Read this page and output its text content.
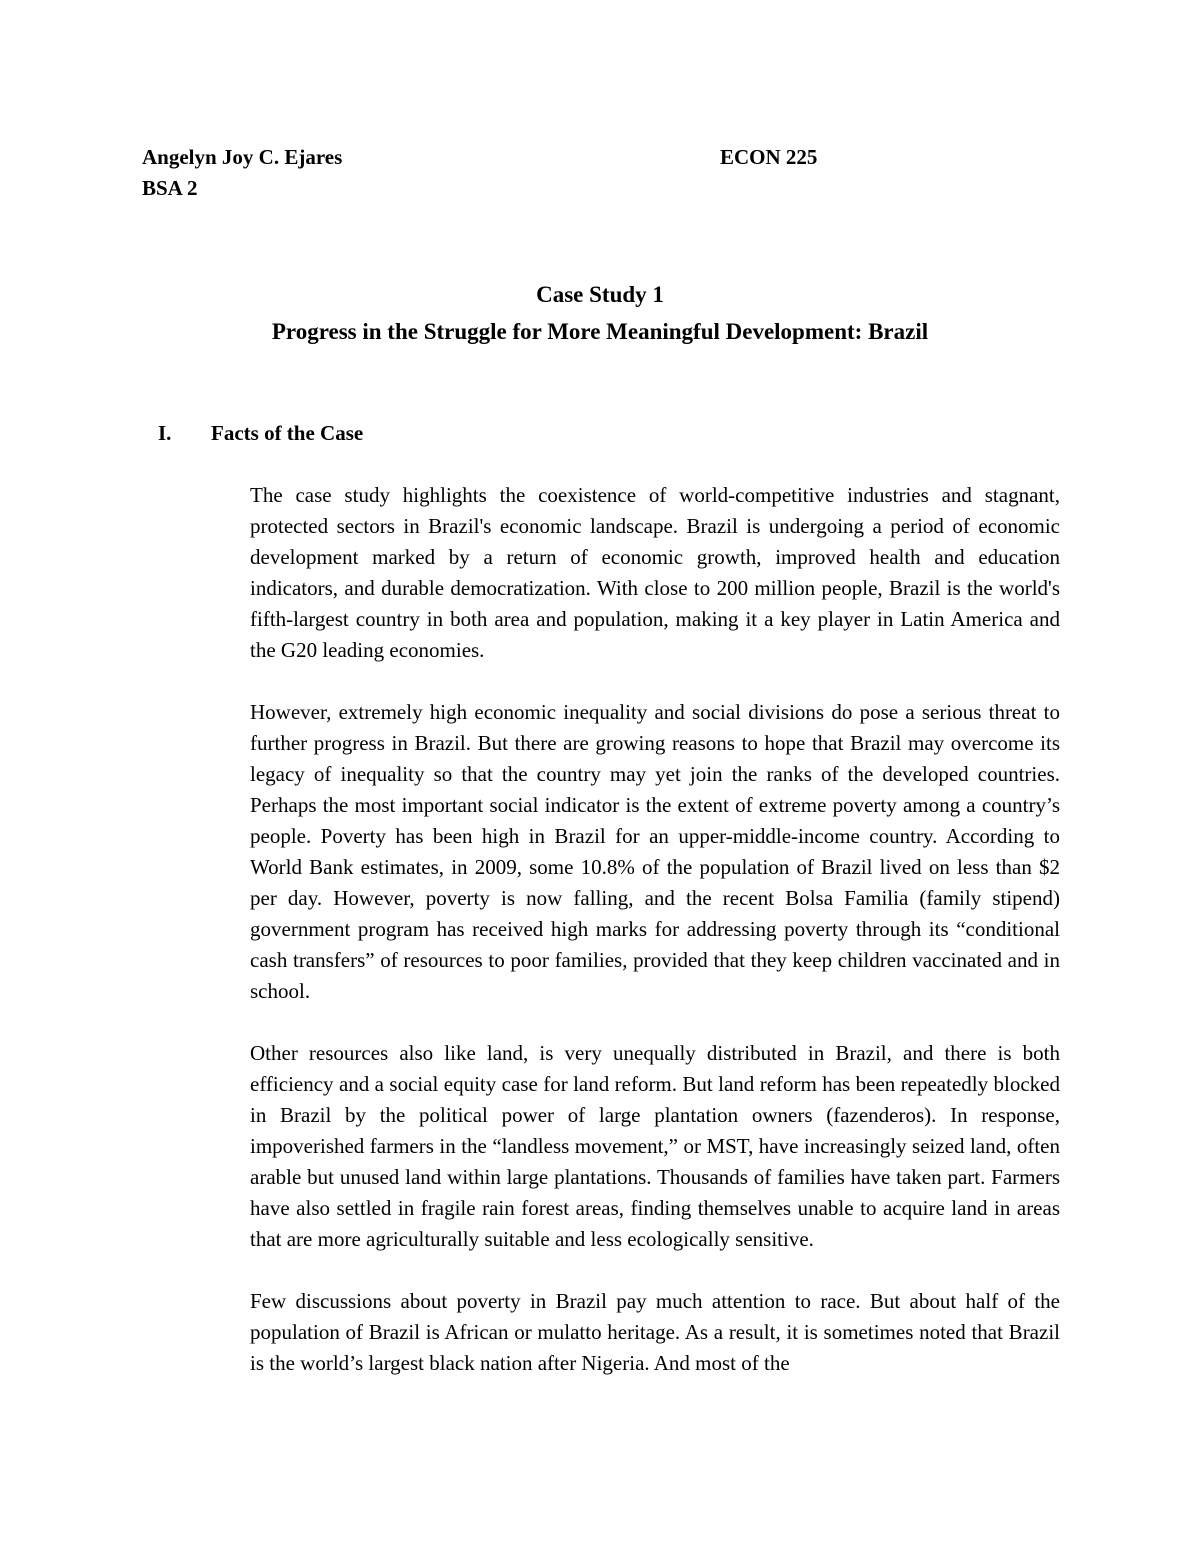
Angelyn Joy C. Ejares	ECON 225
BSA 2
Case Study 1
Progress in the Struggle for More Meaningful Development: Brazil
I. Facts of the Case

The case study highlights the coexistence of world-competitive industries and stagnant, protected sectors in Brazil's economic landscape. Brazil is undergoing a period of economic development marked by a return of economic growth, improved health and education indicators, and durable democratization. With close to 200 million people, Brazil is the world's fifth-largest country in both area and population, making it a key player in Latin America and the G20 leading economies.

However, extremely high economic inequality and social divisions do pose a serious threat to further progress in Brazil. But there are growing reasons to hope that Brazil may overcome its legacy of inequality so that the country may yet join the ranks of the developed countries. Perhaps the most important social indicator is the extent of extreme poverty among a country’s people. Poverty has been high in Brazil for an upper-middle-income country. According to World Bank estimates, in 2009, some 10.8% of the population of Brazil lived on less than $2 per day. However, poverty is now falling, and the recent Bolsa Familia (family stipend) government program has received high marks for addressing poverty through its “conditional cash transfers” of resources to poor families, provided that they keep children vaccinated and in school.

Other resources also like land, is very unequally distributed in Brazil, and there is both efficiency and a social equity case for land reform. But land reform has been repeatedly blocked in Brazil by the political power of large plantation owners (fazenderos). In response, impoverished farmers in the “landless movement,” or MST, have increasingly seized land, often arable but unused land within large plantations. Thousands of families have taken part. Farmers have also settled in fragile rain forest areas, finding themselves unable to acquire land in areas that are more agriculturally suitable and less ecologically sensitive.

Few discussions about poverty in Brazil pay much attention to race. But about half of the population of Brazil is African or mulatto heritage. As a result, it is sometimes noted that Brazil is the world’s largest black nation after Nigeria. And most of the
